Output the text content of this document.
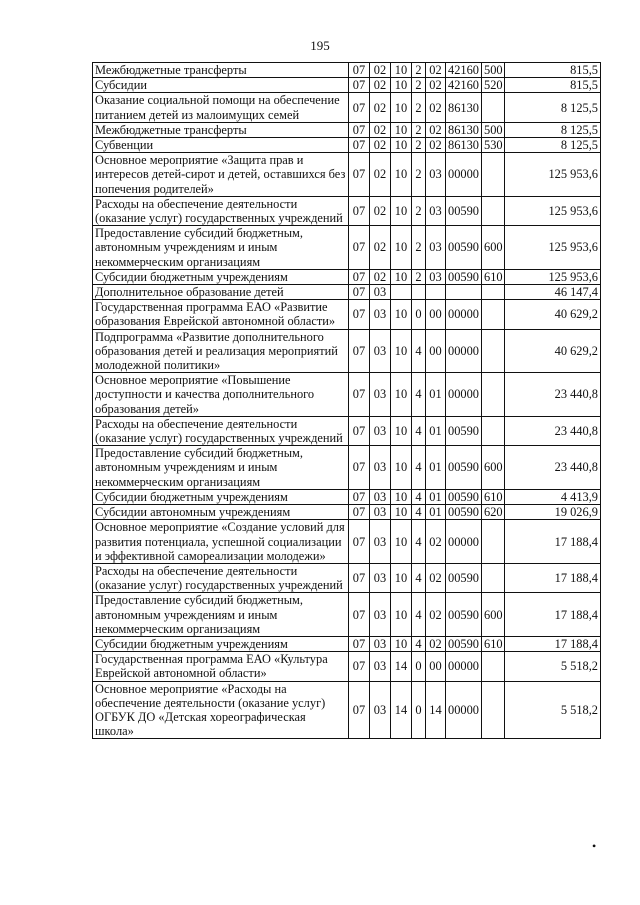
195
Межбюджетные трансферты	07	02	10	2	02	42160	500	815,5
Субсидии	07	02	10	2	02	42160	520	815,5
Оказание социальной помощи на обеспечение питанием детей из малоимущих семей	07	02	10	2	02	86130		8 125,5
Межбюджетные трансферты	07	02	10	2	02	86130	500	8 125,5
Субвенции	07	02	10	2	02	86130	530	8 125,5
Основное мероприятие «Защита прав и интересов детей-сирот и детей, оставшихся без попечения родителей»	07	02	10	2	03	00000		125 953,6
Расходы на обеспечение деятельности (оказание услуг) государственных учреждений	07	02	10	2	03	00590		125 953,6
Предоставление субсидий бюджетным, автономным учреждениям и иным некоммерческим организациям	07	02	10	2	03	00590	600	125 953,6
Субсидии бюджетным учреждениям	07	02	10	2	03	00590	610	125 953,6
Дополнительное образование детей	07	03						46 147,4
Государственная программа ЕАО «Развитие образования Еврейской автономной области»	07	03	10	0	00	00000		40 629,2
Подпрограмма «Развитие дополнительного образования детей и реализация мероприятий молодежной политики»	07	03	10	4	00	00000		40 629,2
Основное мероприятие «Повышение доступности и качества дополнительного образования детей»	07	03	10	4	01	00000		23 440,8
Расходы на обеспечение деятельности (оказание услуг) государственных учреждений	07	03	10	4	01	00590		23 440,8
Предоставление субсидий бюджетным, автономным учреждениям и иным некоммерческим организациям	07	03	10	4	01	00590	600	23 440,8
Субсидии бюджетным учреждениям	07	03	10	4	01	00590	610	4 413,9
Субсидии автономным учреждениям	07	03	10	4	01	00590	620	19 026,9
Основное мероприятие «Создание условий для развития потенциала, успешной социализации и эффективной самореализации молодежи»	07	03	10	4	02	00000		17 188,4
Расходы на обеспечение деятельности (оказание услуг) государственных учреждений	07	03	10	4	02	00590		17 188,4
Предоставление субсидий бюджетным, автономным учреждениям и иным некоммерческим организациям	07	03	10	4	02	00590	600	17 188,4
Субсидии бюджетным учреждениям	07	03	10	4	02	00590	610	17 188,4
Государственная программа ЕАО «Культура Еврейской автономной области»	07	03	14	0	00	00000		5 518,2
Основное мероприятие «Расходы на обеспечение деятельности (оказание услуг) ОГБУК ДО «Детская хореографическая школа»	07	03	14	0	14	00000		5 518,2
•
